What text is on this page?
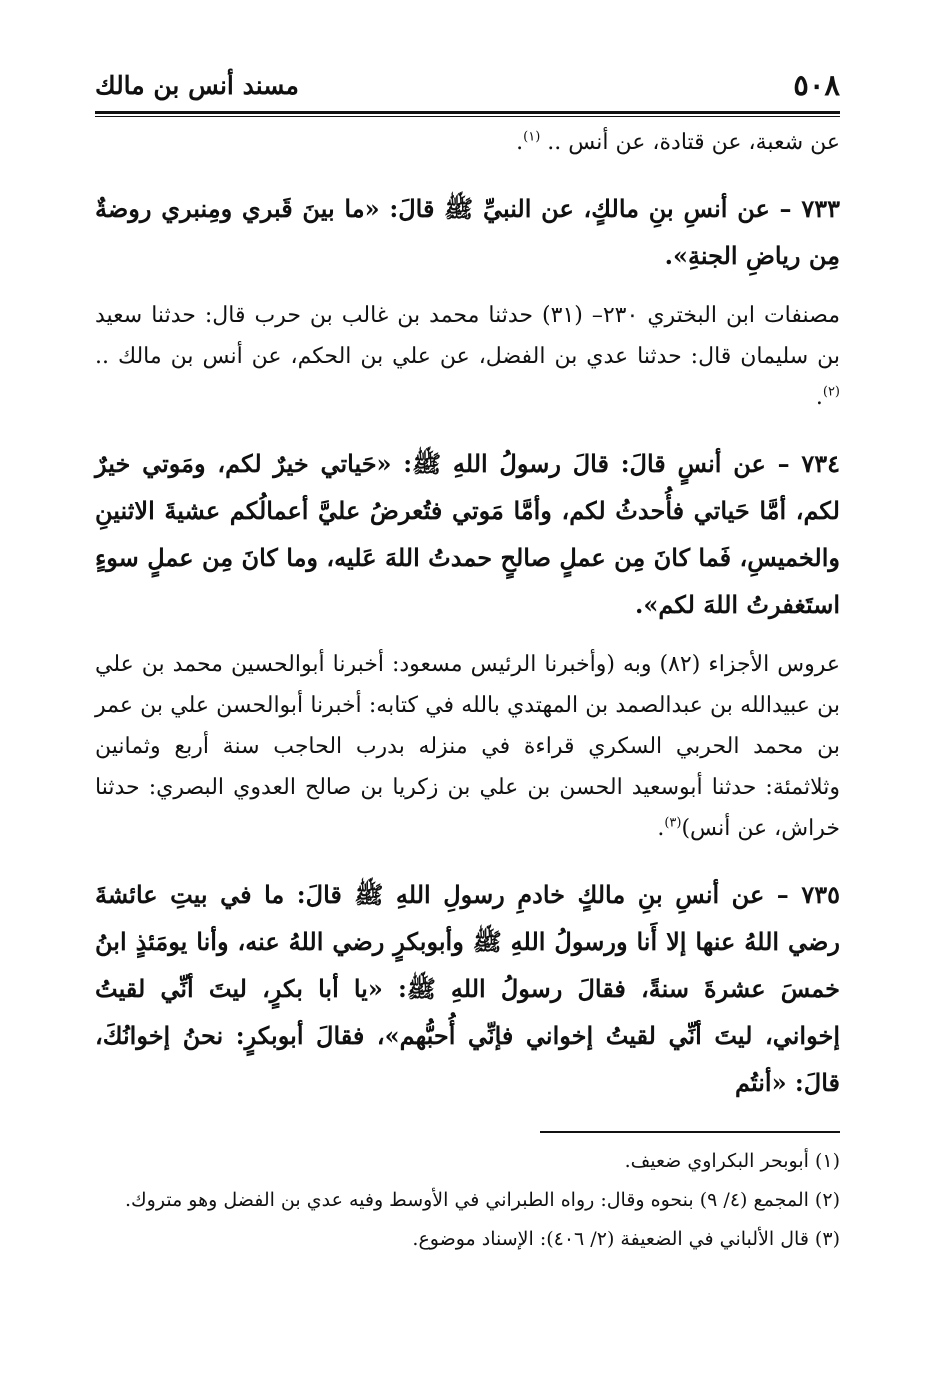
٥٠٨
مسند أنس بن مالك

عن شعبة، عن قتادة، عن أنس .. $^{(١)}$.

٧٣٣ – عن أنسِ بنِ مالكٍ، عن النبيِّ ﷺ قالَ: «ما بينَ قَبري ومِنبري روضةٌ مِن رياضِ الجنةِ».

مصنفات ابن البختري ٢٣٠– (٣١) حدثنا محمد بن غالب بن حرب قال: حدثنا سعيد بن سليمان قال: حدثنا عدي بن الفضل، عن علي بن الحكم، عن أنس بن مالك .. $^{(٢)}$.

٧٣٤ – عن أنسٍ قالَ: قالَ رسولُ اللهِ ﷺ: «حَياتي خيرٌ لكم، ومَوتي خيرٌ لكم، أمَّا حَياتي فأُحدثُ لكم، وأمَّا مَوتي فتُعرضُ عليَّ أعمالُكم عشيةَ الاثنينِ والخميسِ، فَما كانَ مِن عملٍ صالحٍ حمدتُ اللهَ عَليه، وما كانَ مِن عملٍ سوءٍ استَغفرتُ اللهَ لكم».

عروس الأجزاء (٨٢) وبه (وأخبرنا الرئيس مسعود: أخبرنا أبوالحسين محمد بن علي بن عبيدالله بن عبدالصمد بن المهتدي بالله في كتابه: أخبرنا أبوالحسن علي بن عمر بن محمد الحربي السكري قراءة في منزله بدرب الحاجب سنة أربع وثمانين وثلاثمئة: حدثنا أبوسعيد الحسن بن علي بن زكريا بن صالح العدوي البصري: حدثنا خراش، عن أنس)$^{(٣)}$.

٧٣٥ – عن أنسِ بنِ مالكٍ خادمِ رسولِ اللهِ ﷺ قالَ: ما في بيتِ عائشةَ رضي اللهُ عنها إلا أَنا ورسولُ اللهِ ﷺ وأبوبكرٍ رضي اللهُ عنه، وأنا يومَئذٍ ابنُ خمسَ عشرةَ سنةً، فقالَ رسولُ اللهِ ﷺ: «يا أبا بكرٍ، ليتَ أنِّي لقيتُ إخواني، ليتَ أنِّي لقيتُ إخواني فإنِّي أُحبُّهم»، فقالَ أبوبكرٍ: نحنُ إخوانُكَ، قالَ: «أنتُم

(١) أبوبحر البكراوي ضعيف.

(٢) المجمع (٤/ ٩) بنحوه وقال: رواه الطبراني في الأوسط وفيه عدي بن الفضل وهو متروك.

(٣) قال الألباني في الضعيفة (٢/ ٤٠٦): الإسناد موضوع.
